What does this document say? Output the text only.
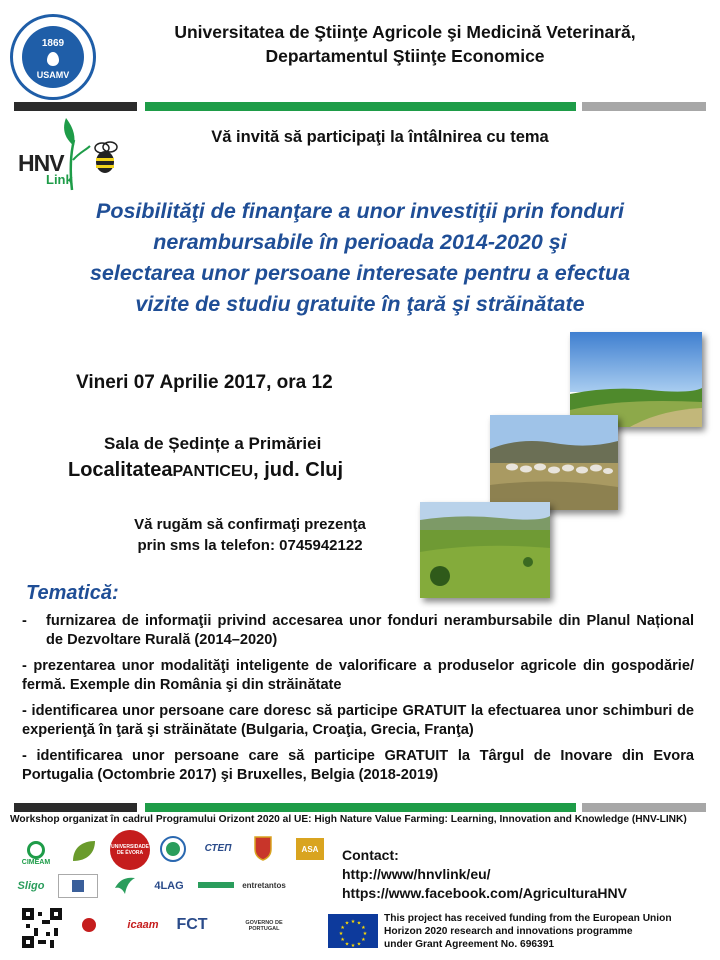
1869
USAMV
Universitatea de Ştiinţe Agricole şi Medicină Veterinară,
Departamentul Ştiinţe Economice
HNV
Link
Vă invită să participaţi la întâlnirea cu tema
Posibilităţi de finanţare a unor investiţii prin fonduri
nerambursabile în perioada 2014-2020 şi
selectarea unor persoane interesate pentru a efectua
vizite de studiu gratuite în ţară şi străinătate
Vineri 07 Aprilie 2017, ora 12
Sala de Ședințe a Primăriei
LocalitateaPANTICEU, jud. Cluj
Vă rugăm să confirmaţi prezenţa
prin sms la telefon: 0745942122
Tematică:
- furnizarea de informaţii privind accesarea unor fonduri nerambursabile din Planul Național de Dezvoltare Rurală (2014–2020)
- prezentarea unor modalităţi inteligente de valorificare a produselor agricole din gospodărie/ fermă. Exemple din România şi din străinătate
- identificarea unor persoane care doresc să participe GRATUIT la efectuarea unor schimburi de experienţă în ţară şi străinătate (Bulgaria, Croaţia, Grecia, Franţa)
- identificarea unor persoane care să participe GRATUIT la Târgul de Inovare din Evora Portugalia (Octombrie 2017) şi Bruxelles, Belgia (2018-2019)
Workshop organizat în cadrul Programului Orizont 2020 al UE: High Nature Value Farming: Learning, Innovation and Knowledge (HNV-LINK)
CIMEAM
UNIVERSIDADE DE ÉVORA	СТЕП	ASA
Sligo	4LAG	entretantos
icaam FCT	GOVERNO DE PORTUGAL
Contact:
http://www/hnvlink/eu/
https://www.facebook.com/AgriculturaHNV
★ ★
★
★
★
★
★
★
★
★
★
★	This project has received funding from the European Union
Horizon 2020 research and innovations programme
under Grant Agreement No. 696391
